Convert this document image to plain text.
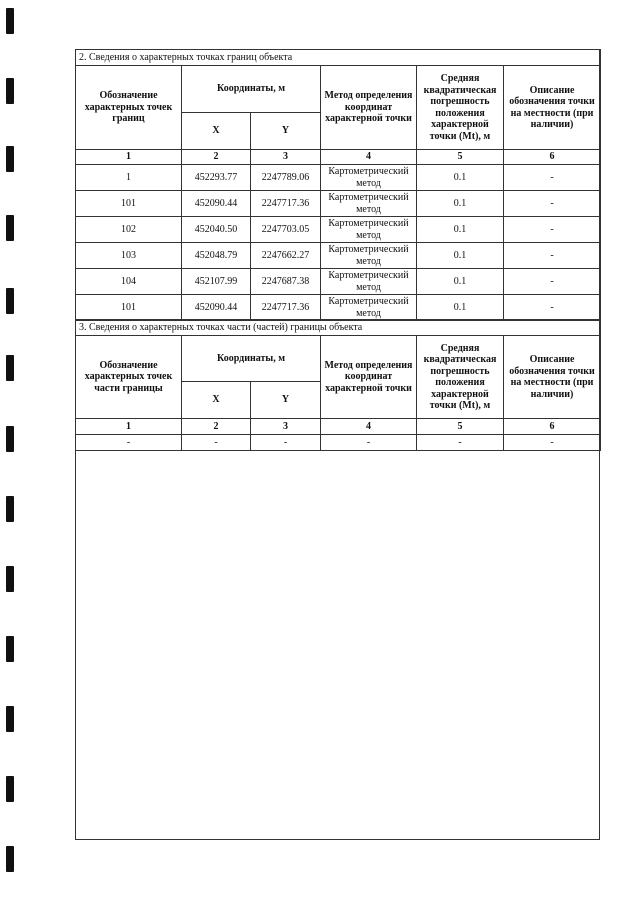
2. Сведения о характерных точках границ объекта					
Обозначение характерных точек границ	Координаты, м		Метод определения координат характерной точки	Средняя квадратическая погрешность положения характерной точки (Mt), м	Описание обозначения точки на местности (при наличии)
	X	Y			
1	2	3	4	5	6
1	452293.77	2247789.06	Картометрический метод	0.1	-
101	452090.44	2247717.36	Картометрический метод	0.1	-
102	452040.50	2247703.05	Картометрический метод	0.1	-
103	452048.79	2247662.27	Картометрический метод	0.1	-
104	452107.99	2247687.38	Картометрический метод	0.1	-
101	452090.44	2247717.36	Картометрический метод	0.1	-
3. Сведения о характерных точках части (частей) границы объекта					
Обозначение характерных точек части границы	Координаты, м		Метод определения координат характерной точки	Средняя квадратическая погрешность положения характерной точки (Mt), м	Описание обозначения точки на местности (при наличии)
	X	Y			
1	2	3	4	5	6
-	-	-	-	-	-
